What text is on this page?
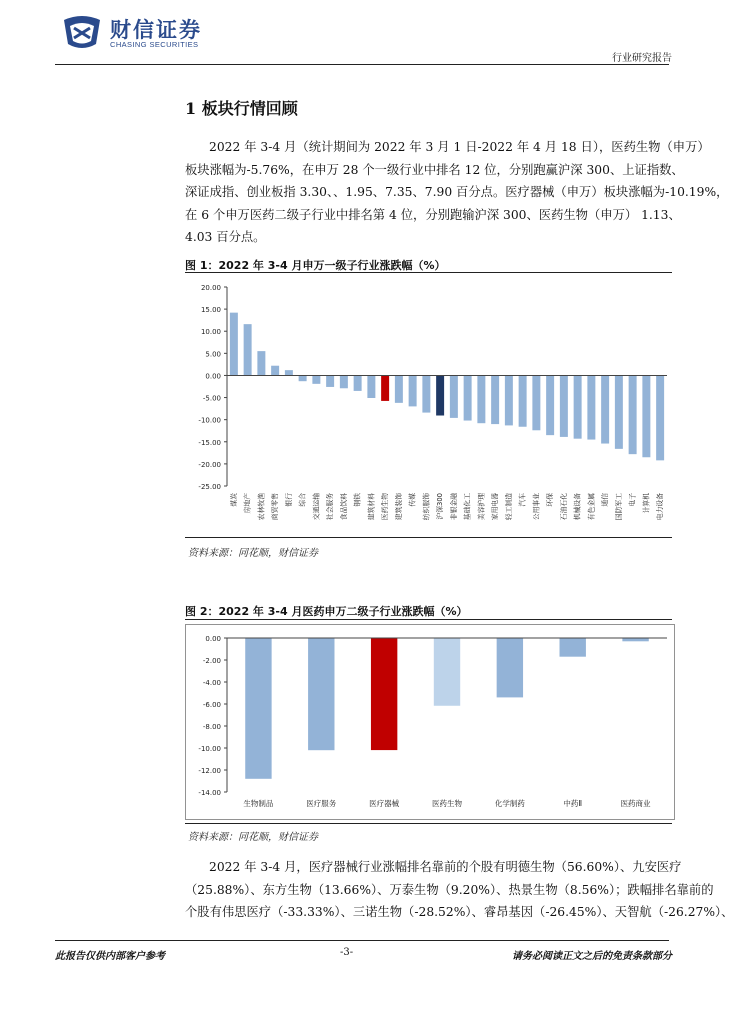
财信证券
CHASING SECURITIES
行业研究报告
1 板块行情回顾
2022 年 3-4 月（统计期间为 2022 年 3 月 1 日-2022 年 4 月 18 日），医药生物（申万）
板块涨幅为-5.76%，在申万 28 个一级行业中排名 12 位，分别跑赢沪深 300、上证指数、
深证成指、创业板指 3.30、、1.95、7.35、7.90 百分点。医疗器械（申万）板块涨幅为-10.19%，
在 6 个申万医药二级子行业中排名第 4 位，分别跑输沪深 300、医药生物（申万） 1.13、
4.03 百分点。
图 1：2022 年 3-4 月申万一级子行业涨跌幅（%）
20.00
15.00
10.00
5.00
0.00
-5.00
-10.00
-15.00
-20.00
-25.00
煤炭 房地产 农林牧渔 商贸零售 银行 综合 交通运输 社会服务 食品饮料 钢铁 建筑材料 医药生物 建筑装饰 传媒 纺织服饰 沪深300 非银金融 基础化工 美容护理 家用电器 轻工制造 汽车 公用事业 环保 石油石化 机械设备 有色金属 通信 国防军工 电子 计算机 电力设备
资料来源：同花顺，财信证券
图 2：2022 年 3-4 月医药申万二级子行业涨跌幅（%）
0.00
-2.00
-4.00
-6.00
-8.00
-10.00
-12.00
-14.00
生物制品	医疗服务	医疗器械	医药生物	化学制药	中药Ⅱ	医药商业
资料来源：同花顺，财信证券
2022 年 3-4 月，医疗器械行业涨幅排名靠前的个股有明德生物（56.60%）、九安医疗
（25.88%）、东方生物（13.66%）、万泰生物（9.20%）、热景生物（8.56%）；跌幅排名靠前的
个股有伟思医疗（-33.33%）、三诺生物（-28.52%）、睿昂基因（-26.45%）、天智航（-26.27%）、
此报告仅供内部客户参考	-3-	请务必阅读正文之后的免责条款部分
